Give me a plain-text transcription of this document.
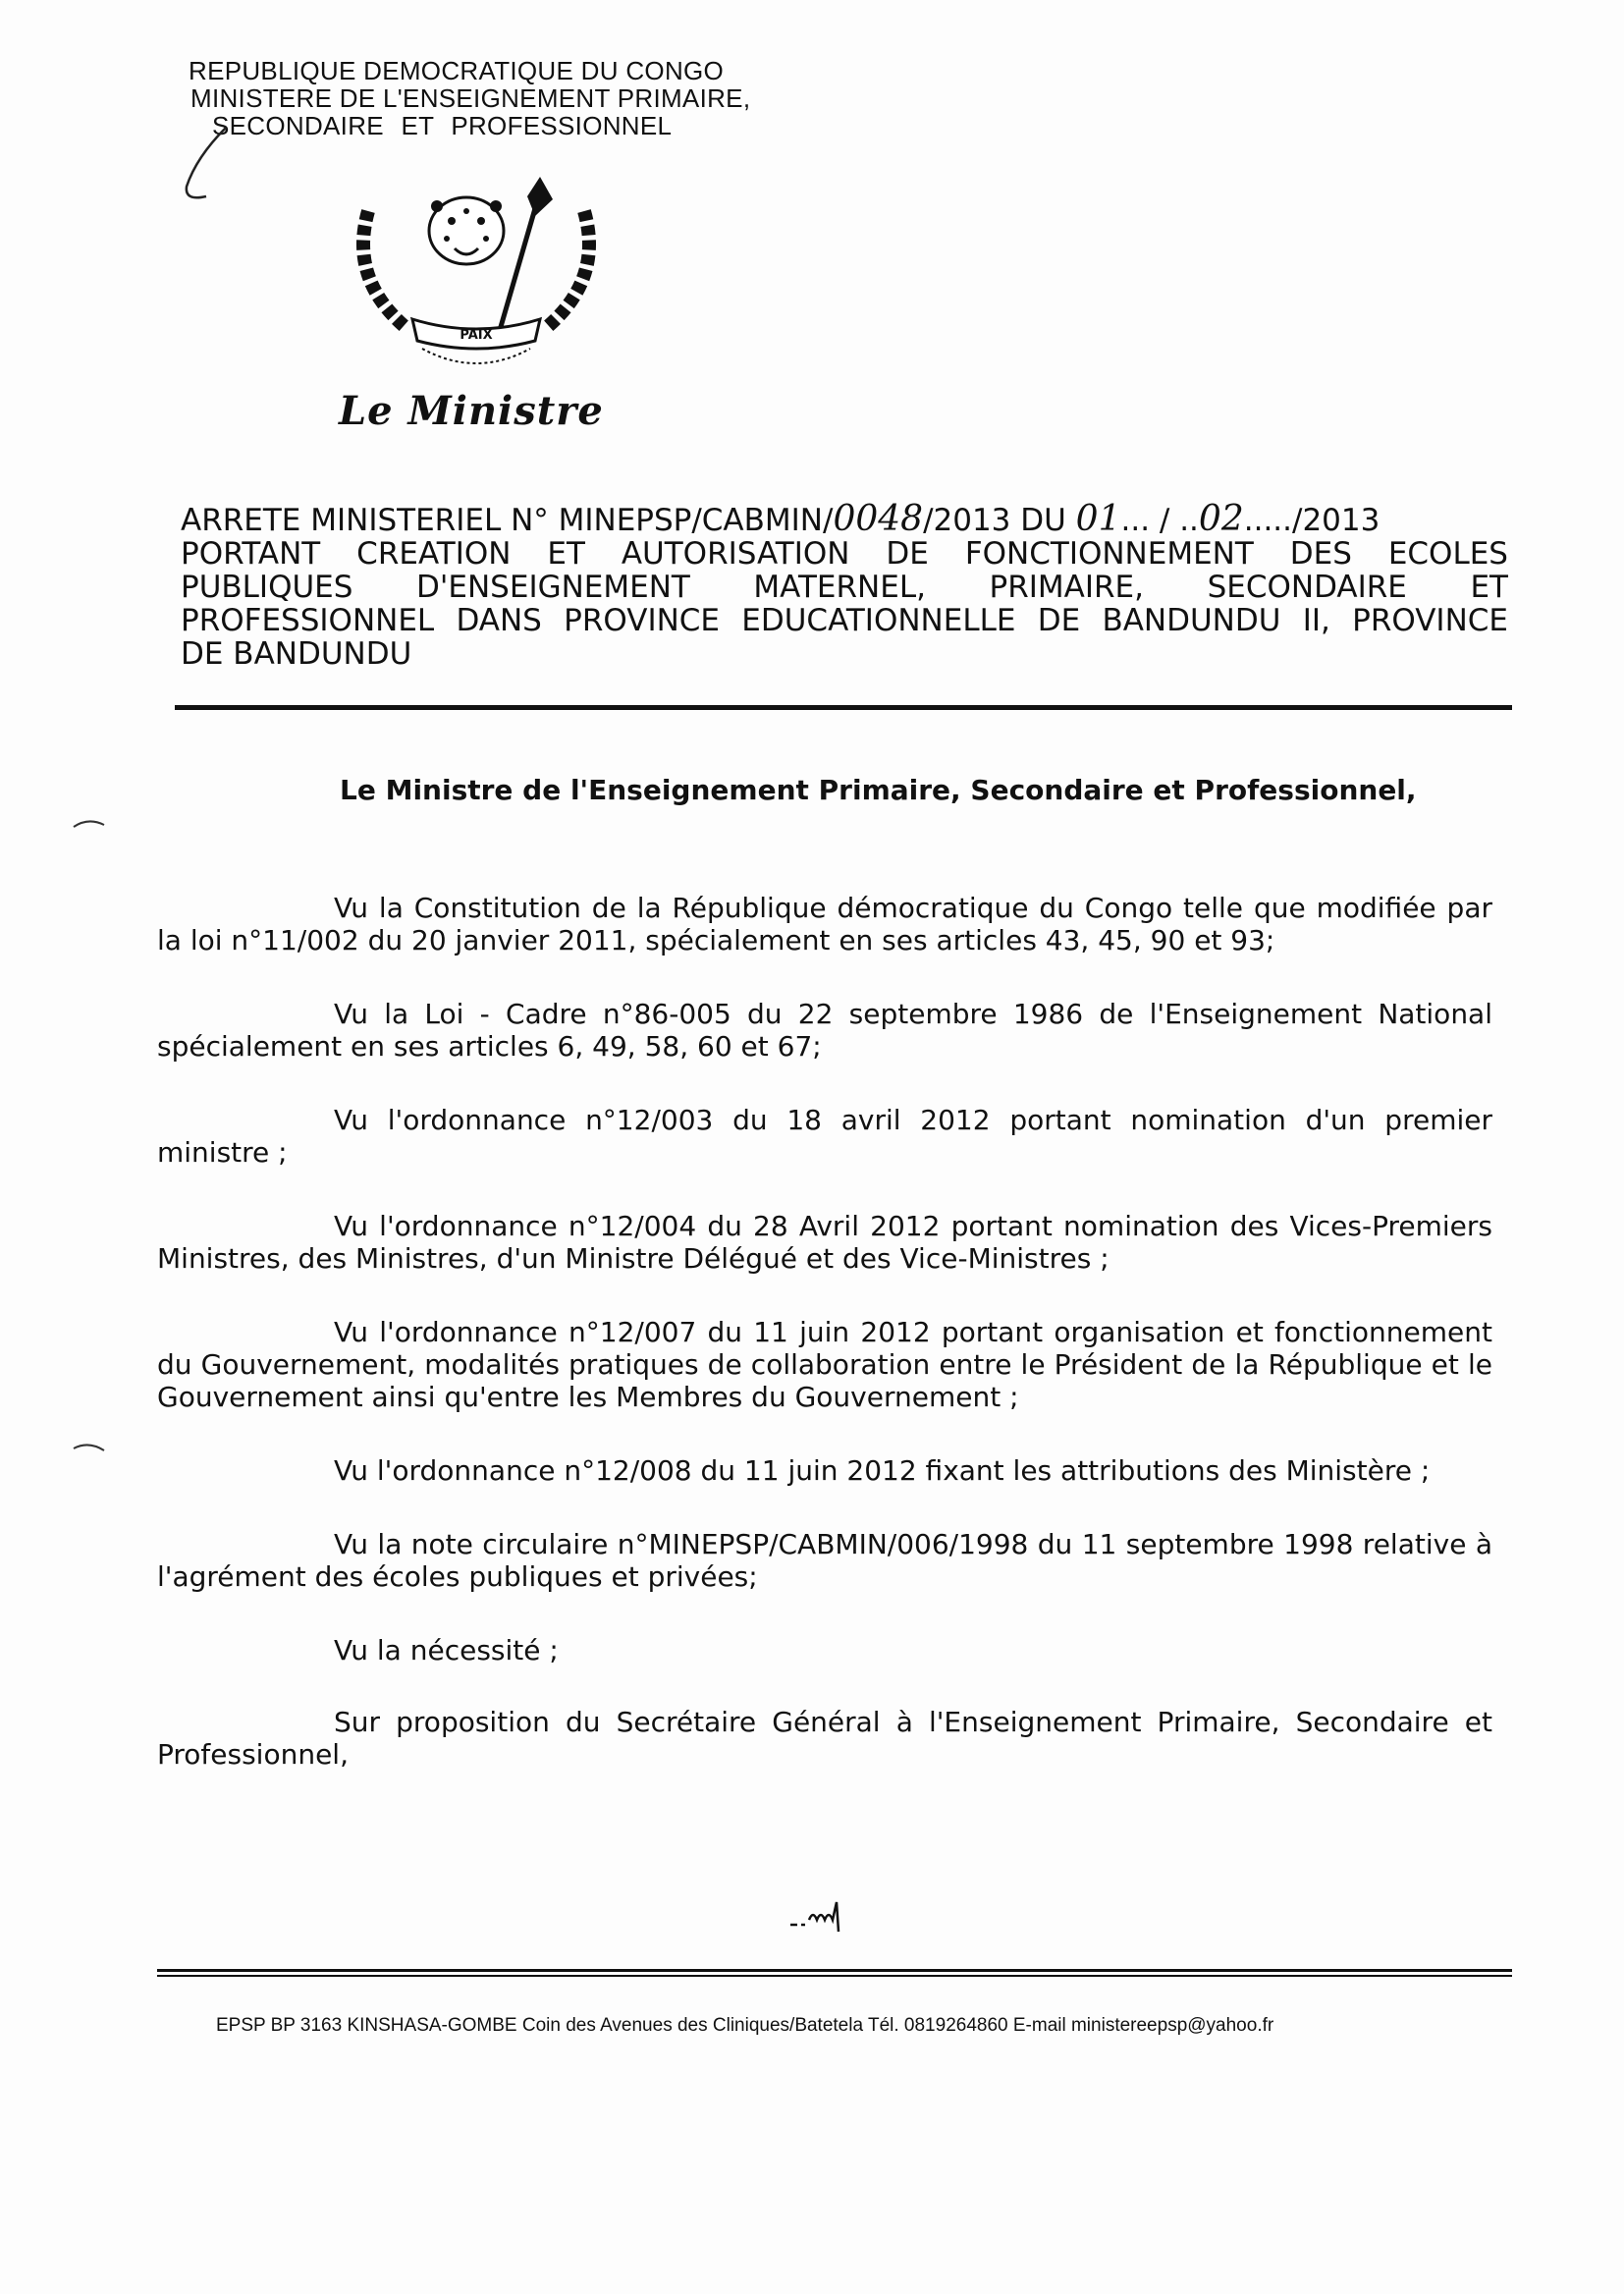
REPUBLIQUE DEMOCRATIQUE DU CONGO
MINISTERE DE L'ENSEIGNEMENT PRIMAIRE,
SECONDAIRE ET PROFESSIONNEL
PAIX
Le Ministre
ARRETE MINISTERIEL N° MINEPSP/CABMIN/0048/2013 DU 01... / ..02...../2013
PORTANT CREATION ET AUTORISATION DE FONCTIONNEMENT DES ECOLES
PUBLIQUES D'ENSEIGNEMENT MATERNEL, PRIMAIRE, SECONDAIRE ET
PROFESSIONNEL DANS PROVINCE EDUCATIONNELLE DE BANDUNDU II, PROVINCE
DE BANDUNDU
Le Ministre de l'Enseignement Primaire, Secondaire et Professionnel,

Vu la Constitution de la République démocratique du Congo telle que modifiée par la loi n°11/002 du 20 janvier 2011, spécialement en ses articles 43, 45, 90 et 93;

Vu la Loi - Cadre n°86-005 du 22 septembre 1986 de l'Enseignement National spécialement en ses articles 6, 49, 58, 60 et 67;

Vu l'ordonnance n°12/003 du 18 avril 2012 portant nomination d'un premier ministre ;

Vu l'ordonnance n°12/004 du 28 Avril 2012 portant nomination des Vices-Premiers Ministres, des Ministres, d'un Ministre Délégué et des Vice-Ministres ;

Vu l'ordonnance n°12/007 du 11 juin 2012 portant organisation et fonctionnement du Gouvernement, modalités pratiques de collaboration entre le Président de la République et le Gouvernement ainsi qu'entre les Membres du Gouvernement ;

Vu l'ordonnance n°12/008 du 11 juin 2012 fixant les attributions des Ministère ;

Vu la note circulaire n°MINEPSP/CABMIN/006/1998 du 11 septembre 1998 relative à l'agrément des écoles publiques et privées;

Vu la nécessité ;

Sur proposition du Secrétaire Général à l'Enseignement Primaire, Secondaire et Professionnel,

EPSP BP 3163 KINSHASA-GOMBE Coin des Avenues des Cliniques/Batetela Tél. 0819264860 E-mail ministereepsp@yahoo.fr
